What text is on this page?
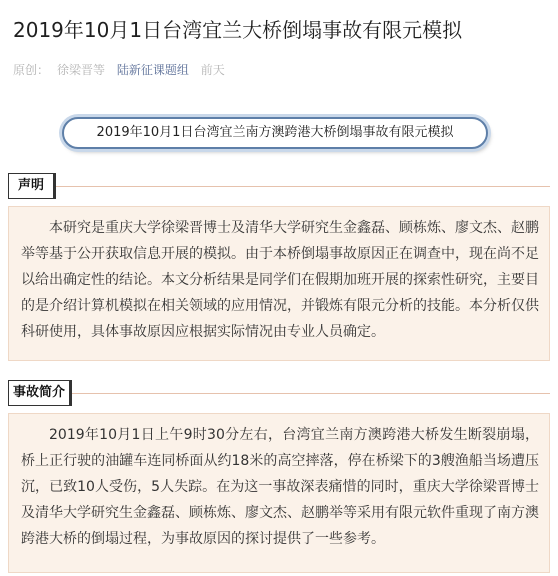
2019年10月1日台湾宜兰大桥倒塌事故有限元模拟
原创： 徐梁晋等 陆新征课题组 前天
2019年10月1日台湾宜兰南方澳跨港大桥倒塌事故有限元模拟
声明

本研究是重庆大学徐梁晋博士及清华大学研究生金鑫磊、顾栋炼、廖文杰、赵鹏举等基于公开获取信息开展的模拟。由于本桥倒塌事故原因正在调查中，现在尚不足以给出确定性的结论。本文分析结果是同学们在假期加班开展的探索性研究，主要目的是介绍计算机模拟在相关领域的应用情况，并锻炼有限元分析的技能。本分析仅供科研使用，具体事故原因应根据实际情况由专业人员确定。

事故简介

2019年10月1日上午9时30分左右，台湾宜兰南方澳跨港大桥发生断裂崩塌，桥上正行驶的油罐车连同桥面从约18米的高空摔落，停在桥梁下的3艘渔船当场遭压沉，已致10人受伤，5人失踪。在为这一事故深表痛惜的同时，重庆大学徐梁晋博士及清华大学研究生金鑫磊、顾栋炼、廖文杰、赵鹏举等采用有限元软件重现了南方澳跨港大桥的倒塌过程，为事故原因的探讨提供了一些参考。
